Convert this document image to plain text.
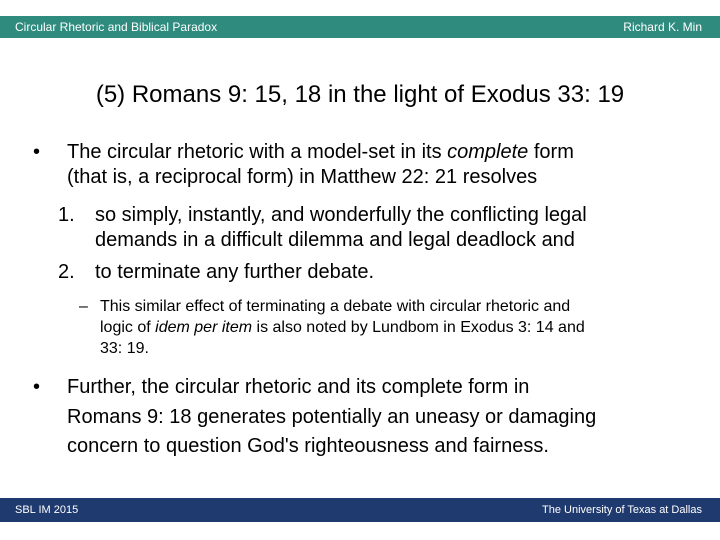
Circular Rhetoric and Biblical Paradox	Richard K. Min
(5) Romans 9: 15, 18 in the light of Exodus 33: 19
• The circular rhetoric with a model-set in its complete form
(that is, a reciprocal form) in Matthew 22: 21 resolves
1. so simply, instantly, and wonderfully the conflicting legal
demands in a difficult dilemma and legal deadlock and
2. to terminate any further debate.
– This similar effect of terminating a debate with circular rhetoric and
logic of idem per item is also noted by Lundbom in Exodus 3: 14 and
33: 19.
• Further, the circular rhetoric and its complete form in
Romans 9: 18 generates potentially an uneasy or damaging
concern to question God's righteousness and fairness.
SBL IM 2015	The University of Texas at Dallas
